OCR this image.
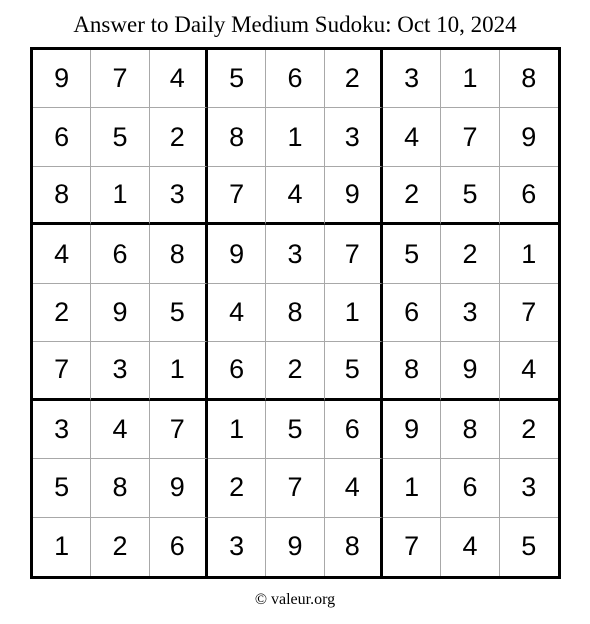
Answer to Daily Medium Sudoku: Oct 10, 2024
9	7	4	5	6	2	3	1	8
6	5	2	8	1	3	4	7	9
8	1	3	7	4	9	2	5	6
4	6	8	9	3	7	5	2	1
2	9	5	4	8	1	6	3	7
7	3	1	6	2	5	8	9	4
3	4	7	1	5	6	9	8	2
5	8	9	2	7	4	1	6	3
1	2	6	3	9	8	7	4	5
© valeur.org
